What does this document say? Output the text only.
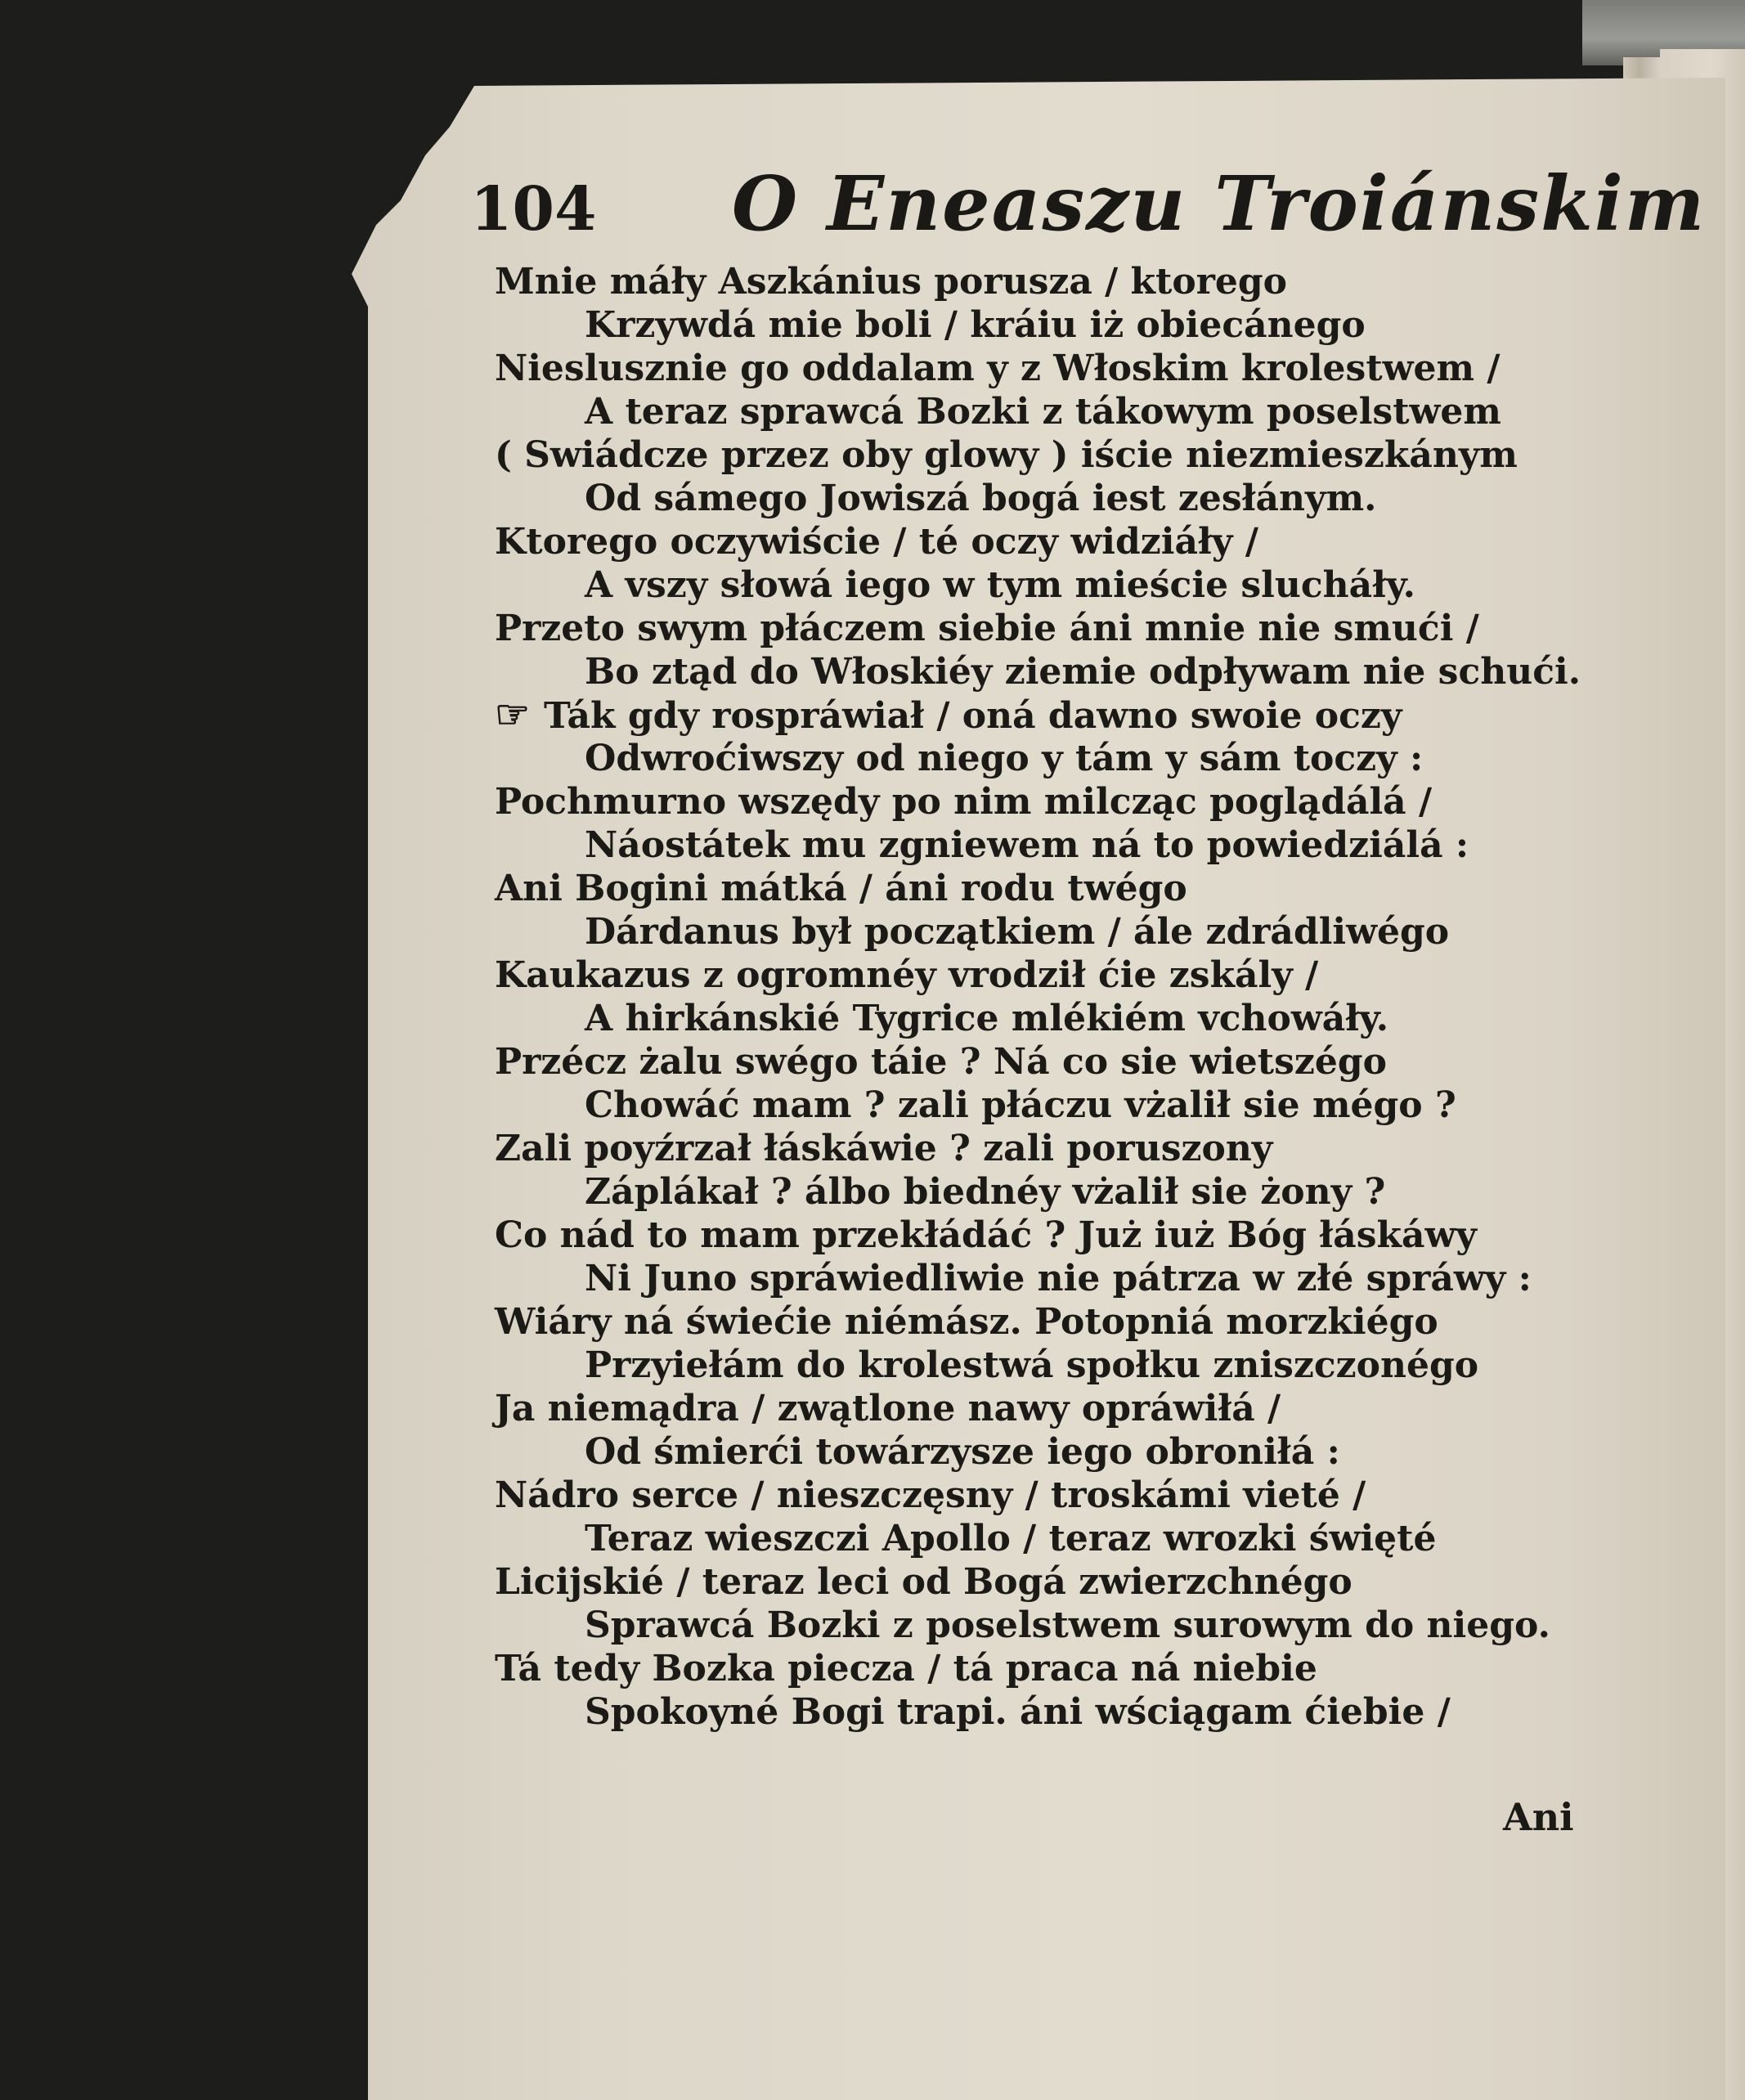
104 O Eneaszu Troiánskim
Mnie máły Aszkánius porusza / ktorego
Krzywdá mie boli / kráiu iż obiecánego
Nieslusznie go oddalam y z Włoskim krolestwem /
A teraz sprawcá Bozki z tákowym poselstwem
( Swiádcze przez oby glowy ) iście niezmieszkánym
Od sámego Jowiszá bogá iest zesłánym.
Ktorego oczywiście / té oczy widziáły /
A vszy słowá iego w tym mieście slucháły.
Przeto swym płáczem siebie áni mnie nie smući /
Bo ztąd do Włoskiéy ziemie odpływam nie schući.
☞ Ták gdy rospráwiał / oná dawno swoie oczy
Odwroćiwszy od niego y tám y sám toczy :
Pochmurno wszędy po nim milcząc poglądálá /
Náostátek mu zgniewem ná to powiedziálá :
Ani Bogini mátká / áni rodu twégo
Dárdanus był początkiem / ále zdrádliwégo
Kaukazus z ogromnéy vrodził ćie zskály /
A hirkánskié Tygrice mlékiém vchowáły.
Przécz żalu swégo táie ? Ná co sie wietszégo
Chowáć mam ? zali płáczu vżalił sie mégo ?
Zali poyźrzał łáskáwie ? zali poruszony
Záplákał ? álbo biednéy vżalił sie żony ?
Co nád to mam przekłádáć ? Już iuż Bóg łáskáwy
Ni Juno spráwiedliwie nie pátrza w złé spráwy :
Wiáry ná świećie niémász. Potopniá morzkiégo
Przyiełám do krolestwá społku zniszczonégo
Ja niemądra / zwątlone nawy opráwiłá /
Od śmierći towárzysze iego obroniłá :
Nádro serce / nieszczęsny / troskámi vieté /
Teraz wieszczi Apollo / teraz wrozki święté
Licijskié / teraz leci od Bogá zwierzchnégo
Sprawcá Bozki z poselstwem surowym do niego.
Tá tedy Bozka piecza / tá praca ná niebie
Spokoyné Bogi trapi. áni wściągam ćiebie /
Ani
